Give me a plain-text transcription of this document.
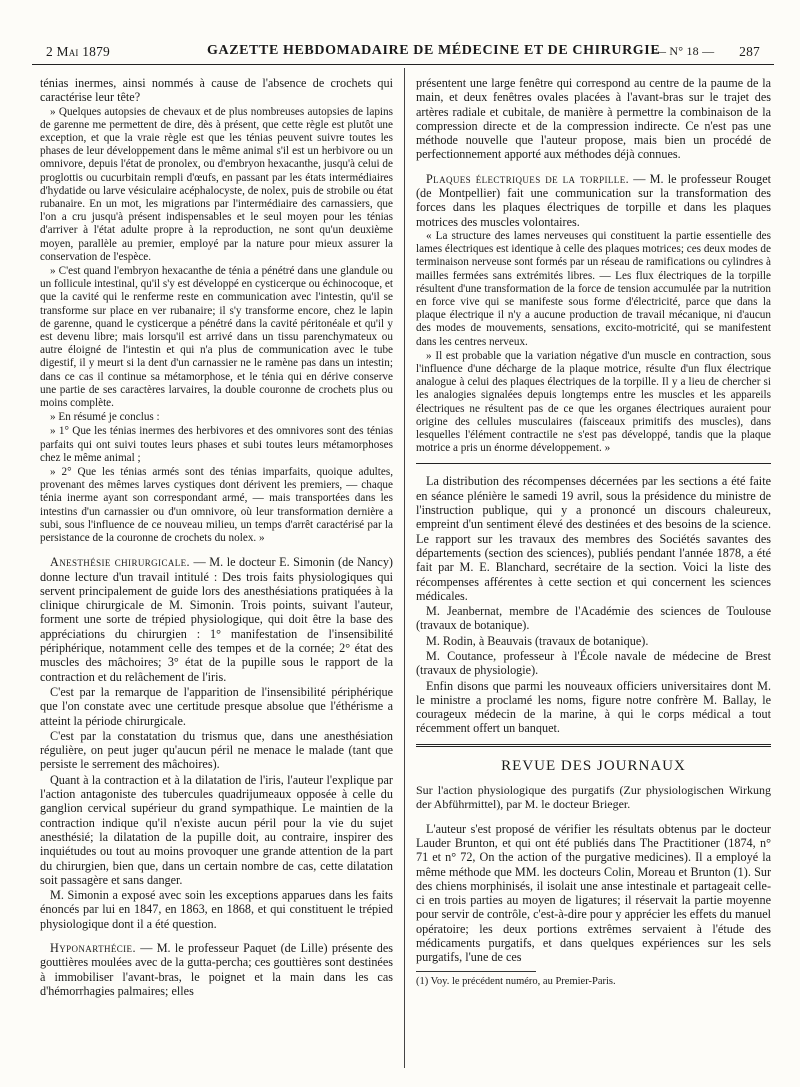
2 Mai 1879	GAZETTE HEBDOMADAIRE DE MÉDECINE ET DE CHIRURGIE
— N° 18 — 287

ténias inermes, ainsi nommés à cause de l'absence de crochets qui caractérise leur tête?

» Quelques autopsies de chevaux et de plus nombreuses autopsies de lapins de garenne me permettent de dire, dès à présent, que cette règle est plutôt une exception, et que la vraie règle est que les ténias peuvent suivre toutes les phases de leur développement dans le même animal s'il est un herbivore ou un omnivore, depuis l'état de pronolex, ou d'embryon hexacanthe, jusqu'à celui de proglottis ou cucurbitain rempli d'œufs, en passant par les états intermédiaires d'hydatide ou larve vésiculaire acéphalocyste, de nolex, puis de strobile ou état rubanaire. En un mot, les migrations par l'intermédiaire des carnassiers, que l'on a cru jusqu'à présent indispensables et le seul moyen pour les ténias d'arriver à l'état adulte propre à la reproduction, ne sont qu'un deuxième moyen, parallèle au premier, employé par la nature pour mieux assurer la conservation de l'espèce.

» C'est quand l'embryon hexacanthe de ténia a pénétré dans une glandule ou un follicule intestinal, qu'il s'y est développé en cysticerque ou échinocoque, et que la cavité qui le renferme reste en communication avec l'intestin, qu'il se transforme sur place en ver rubanaire; il s'y transforme encore, chez le lapin de garenne, quand le cysticerque a pénétré dans la cavité péritonéale et qu'il y est devenu libre; mais lorsqu'il est arrivé dans un tissu parenchymateux ou autre éloigné de l'intestin et qui n'a plus de communication avec le tube digestif, il y meurt si la dent d'un carnassier ne le ramène pas dans un intestin; dans ce cas il continue sa métamorphose, et le ténia qui en dérive conserve une partie de ses caractères larvaires, la double couronne de crochets plus ou moins complète.

» En résumé je conclus :

» 1° Que les ténias inermes des herbivores et des omnivores sont des ténias parfaits qui ont suivi toutes leurs phases et subi toutes leurs métamorphoses chez le même animal ;

» 2° Que les ténias armés sont des ténias imparfaits, quoique adultes, provenant des mêmes larves cystiques dont dérivent les premiers, — chaque ténia inerme ayant son correspondant armé, — mais transportées dans les intestins d'un carnassier ou d'un omnivore, où leur transformation dernière a subi, sous l'influence de ce nouveau milieu, un temps d'arrêt caractérisé par la persistance de la couronne de crochets du nolex. »

Anesthésie chirurgicale. — M. le docteur E. Simonin (de Nancy) donne lecture d'un travail intitulé : Des trois faits physiologiques qui servent principalement de guide lors des anesthésiations pratiquées à la clinique chirurgicale de M. Simonin. Trois points, suivant l'auteur, forment une sorte de trépied physiologique, qui doit être la base des appréciations du chirurgien : 1° manifestation de l'insensibilité périphérique, notamment celle des tempes et de la cornée; 2° état des muscles des mâchoires; 3° état de la pupille sous le rapport de la contraction et du relâchement de l'iris.

C'est par la remarque de l'apparition de l'insensibilité périphérique que l'on constate avec une certitude presque absolue que l'éthérisme a atteint la période chirurgicale.

C'est par la constatation du trismus que, dans une anesthésiation régulière, on peut juger qu'aucun péril ne menace le malade (tant que persiste le serrement des mâchoires).

Quant à la contraction et à la dilatation de l'iris, l'auteur l'explique par l'action antagoniste des tubercules quadrijumeaux opposée à celle du ganglion cervical supérieur du grand sympathique. Le maintien de la contraction indique qu'il n'existe aucun péril pour la vie du sujet anesthésié; la dilatation de la pupille doit, au contraire, inspirer des inquiétudes ou tout au moins provoquer une grande attention de la part du chirurgien, bien que, dans un certain nombre de cas, cette dilatation soit passagère et sans danger.

M. Simonin a exposé avec soin les exceptions apparues dans les faits énoncés par lui en 1847, en 1863, en 1868, et qui constituent le trépied physiologique dont il a été question.

Hyponarthécie. — M. le professeur Paquet (de Lille) présente des gouttières moulées avec de la gutta-percha; ces gouttières sont destinées à immobiliser l'avant-bras, le poignet et la main dans les cas d'hémorrhagies palmaires; elles

présentent une large fenêtre qui correspond au centre de la paume de la main, et deux fenêtres ovales placées à l'avant-bras sur le trajet des artères radiale et cubitale, de manière à permettre la combinaison de la compression directe et de la compression indirecte. Ce n'est pas une méthode nouvelle que l'auteur propose, mais bien un procédé de perfectionnement apporté aux méthodes déjà connues.

Plaques électriques de la torpille. — M. le professeur Rouget (de Montpellier) fait une communication sur la transformation des forces dans les plaques électriques de torpille et dans les plaques motrices des muscles volontaires.

« La structure des lames nerveuses qui constituent la partie essentielle des lames électriques est identique à celle des plaques motrices; ces deux modes de terminaison nerveuse sont formés par un réseau de ramifications ou cylindres à mailles fermées sans extrémités libres. — Les flux électriques de la torpille résultent d'une transformation de la force de tension accumulée par la nutrition en force vive qui se manifeste sous forme d'électricité, parce que dans la plaque électrique il n'y a aucune production de travail mécanique, ni d'aucun des modes de mouvements, sensations, excito-motricité, qui se manifestent dans les centres nerveux.

» Il est probable que la variation négative d'un muscle en contraction, sous l'influence d'une décharge de la plaque motrice, résulte d'un flux électrique analogue à celui des plaques électriques de la torpille. Il y a lieu de chercher si les analogies signalées depuis longtemps entre les muscles et les appareils électriques ne résultent pas de ce que les organes électriques auraient pour origine des cellules musculaires (faisceaux primitifs des muscles), dans lesquelles l'élément contractile ne s'est pas développé, tandis que la plaque motrice a pris un énorme développement. »

La distribution des récompenses décernées par les sections a été faite en séance plénière le samedi 19 avril, sous la présidence du ministre de l'instruction publique, qui y a prononcé un discours chaleureux, empreint d'un sentiment élevé des destinées et des besoins de la science. Le rapport sur les travaux des membres des Sociétés savantes des départements (section des sciences), publiés pendant l'année 1878, a été fait par M. E. Blanchard, secrétaire de la section. Voici la liste des récompenses afférentes à cette section et qui concernent les sciences médicales.

M. Jeanbernat, membre de l'Académie des sciences de Toulouse (travaux de botanique).

M. Rodin, à Beauvais (travaux de botanique).

M. Coutance, professeur à l'École navale de médecine de Brest (travaux de physiologie).

Enfin disons que parmi les nouveaux officiers universitaires dont M. le ministre a proclamé les noms, figure notre confrère M. Ballay, le courageux médecin de la marine, à qui le corps médical a tout récemment offert un banquet.

REVUE DES JOURNAUX

Sur l'action physiologique des purgatifs (Zur physiologischen Wirkung der Abführmittel), par M. le docteur Brieger.

L'auteur s'est proposé de vérifier les résultats obtenus par le docteur Lauder Brunton, et qui ont été publiés dans The Practitioner (1874, n° 71 et n° 72, On the action of the purgative medicines). Il a employé la même méthode que MM. les docteurs Colin, Moreau et Brunton (1). Sur des chiens morphinisés, il isolait une anse intestinale et partageait celle-ci en trois parties au moyen de ligatures; il réservait la partie moyenne pour servir de contrôle, c'est-à-dire pour y apprécier les effets du manuel opératoire; les deux portions extrêmes servaient à l'étude des médicaments purgatifs, et dans quelques expériences sur les sels purgatifs, l'une de ces

(1) Voy. le précédent numéro, au Premier-Paris.
